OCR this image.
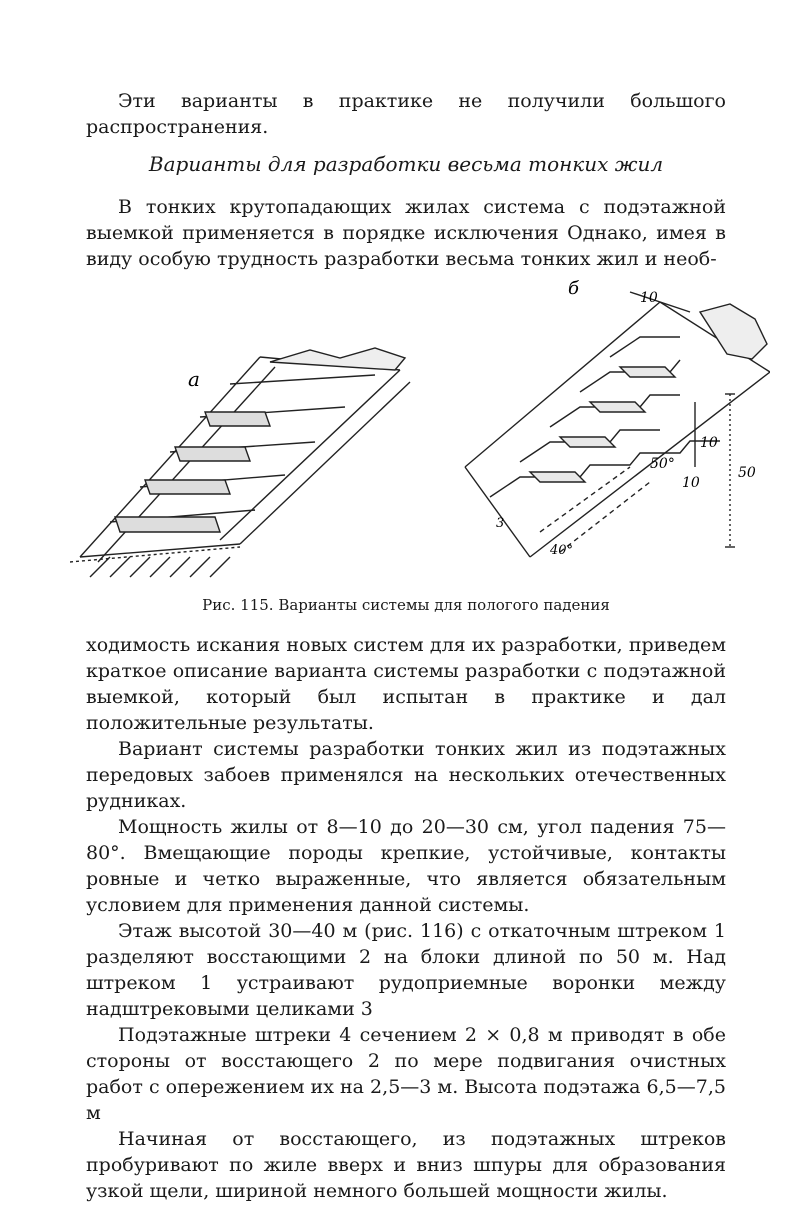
Эти варианты в практике не получили большого распространения.

Варианты для разработки весьма тонких жил

В тонких крутопадающих жилах система с подэтажной выемкой применяется в порядке исключения Однако, имея в виду особую трудность разработки весьма тонких жил и необ-

а
б	10
10
10
50°
50
40°
3
Рис. 115. Варианты системы для пологого падения

ходимость искания новых систем для их разработки, приведем краткое описание варианта системы разработки с подэтажной выемкой, который был испытан в практике и дал положительные результаты.

Вариант системы разработки тонких жил из подэтажных передовых забоев применялся на нескольких отечественных рудниках.

Мощность жилы от 8—10 до 20—30 см, угол падения 75—80°. Вмещающие породы крепкие, устойчивые, контакты ровные и четко выраженные, что является обязательным условием для применения данной системы.

Этаж высотой 30—40 м (рис. 116) с откаточным штреком 1 разделяют восстающими 2 на блоки длиной по 50 м. Над штреком 1 устраивают рудоприемные воронки между надштрековыми целиками 3

Подэтажные штреки 4 сечением 2 × 0,8 м приводят в обе стороны от восстающего 2 по мере подвигания очистных работ с опережением их на 2,5—3 м. Высота подэтажа 6,5—7,5 м

Начиная от восстающего, из подэтажных штреков пробуривают по жиле вверх и вниз шпуры для образования узкой щели, шириной немного большей мощности жилы.
